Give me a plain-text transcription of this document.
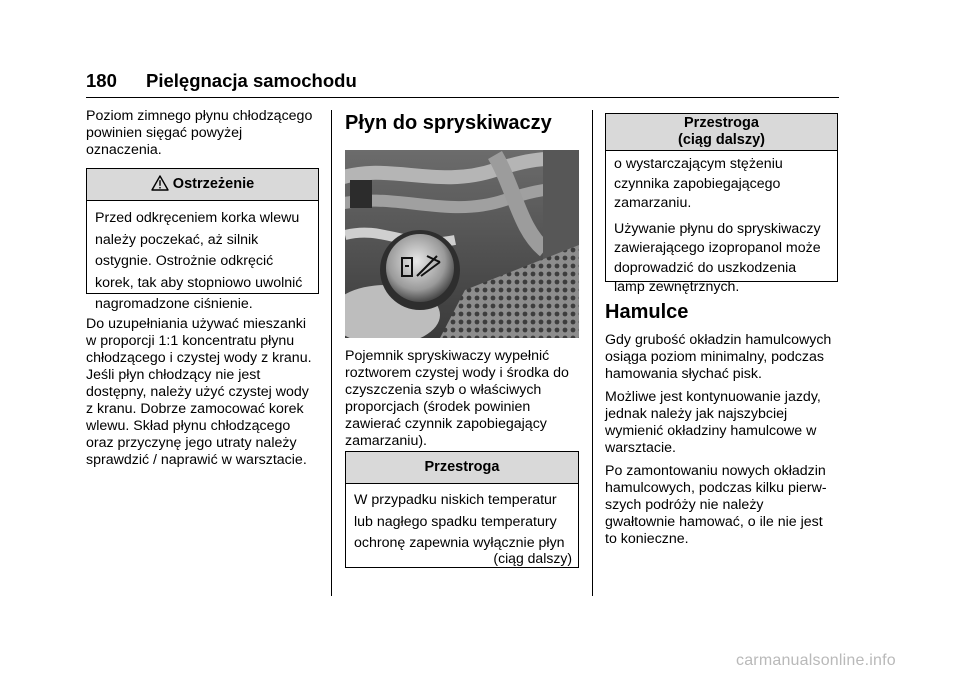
180 Pielęgnacja samochodu

Poziom zimnego płynu chłodzącego
powinien sięgać powyżej
oznaczenia.

Ostrzeżenie
Przed odkręceniem korka wlewu
należy poczekać, aż silnik
ostygnie. Ostrożnie odkręcić
korek, tak aby stopniowo uwolnić
nagromadzone ciśnienie.

Do uzupełniania używać mieszanki
w proporcji 1:1 koncentratu płynu
chłodzącego i czystej wody z kranu.
Jeśli płyn chłodzący nie jest
dostępny, należy użyć czystej wody
z kranu. Dobrze zamocować korek
wlewu. Skład płynu chłodzącego
oraz przyczynę jego utraty należy
sprawdzić / naprawić w warsztacie.

Płyn do spryskiwaczy

Pojemnik spryskiwaczy wypełnić
roztworem czystej wody i środka do
czyszczenia szyb o właściwych
proporcjach (środek powinien
zawierać czynnik zapobiegający
zamarzaniu).

Przestroga
W przypadku niskich temperatur
lub nagłego spadku temperatury
ochronę zapewnia wyłącznie płyn
(ciąg dalszy)
Przestroga
(ciąg dalszy)
o wystarczającym stężeniu
czynnika zapobiegającego
zamarzaniu.
Używanie płynu do spryskiwaczy
zawierającego izopropanol może
doprowadzić do uszkodzenia
lamp zewnętrznych.
Hamulce

Gdy grubość okładzin hamulcowych
osiąga poziom minimalny, podczas
hamowania słychać pisk.

Możliwe jest kontynuowanie jazdy,
jednak należy jak najszybciej
wymienić okładziny hamulcowe w
warsztacie.

Po zamontowaniu nowych okładzin
hamulcowych, podczas kilku pierw-
szych podróży nie należy
gwałtownie hamować, o ile nie jest
to konieczne.

carmanualsonline.info
